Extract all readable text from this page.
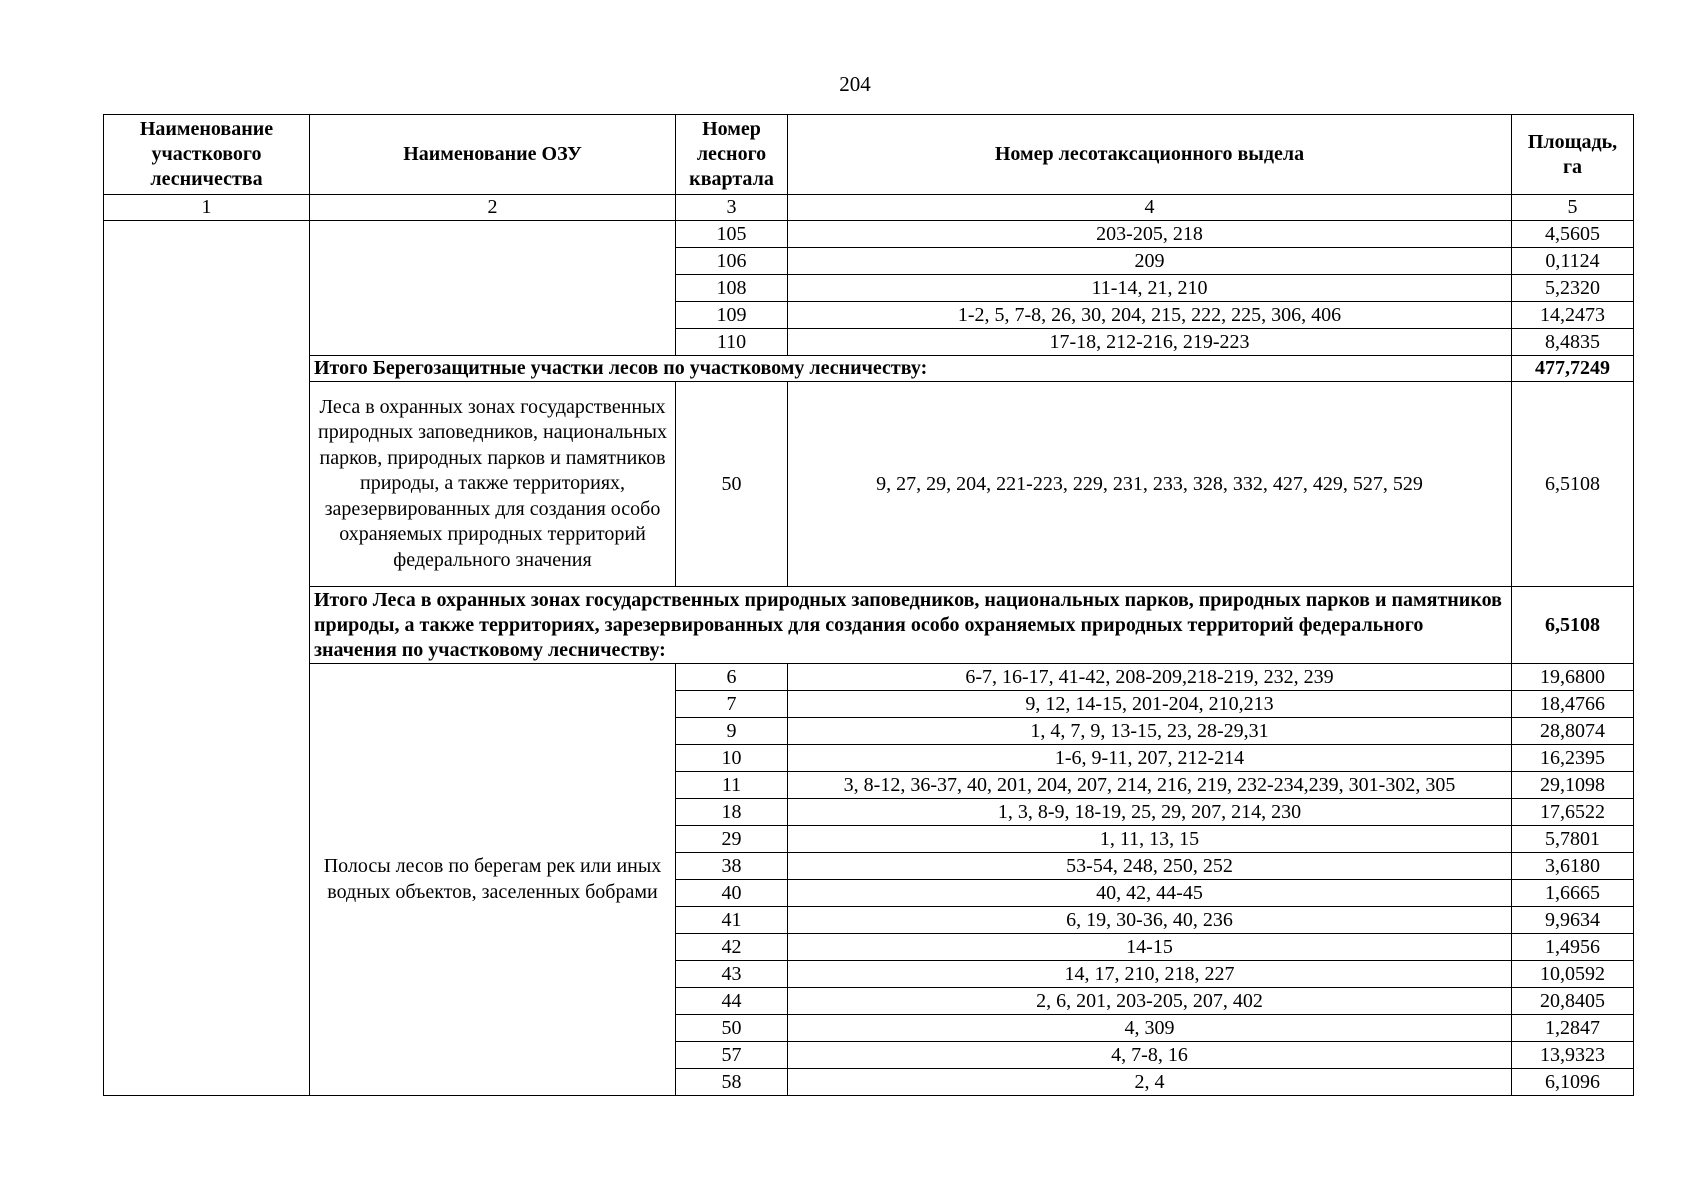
204
Наименование участкового лесничества	Наименование ОЗУ	Номер лесного квартала	Номер лесотаксационного выдела	Площадь, га
1	2	3	4	5
		105	203-205, 218	4,5605
		106	209	0,1124
		108	11-14, 21, 210	5,2320
		109	1-2, 5, 7-8, 26, 30, 204, 215, 222, 225, 306, 406	14,2473
		110	17-18, 212-216, 219-223	8,4835
	Итого Берегозащитные участки лесов по участковому лесничеству:			477,7249
	Леса в охранных зонах государственных природных заповедников, национальных парков, природных парков и памятников природы, а также территориях, зарезервированных для создания особо охраняемых природных территорий федерального значения	50	9, 27, 29, 204, 221-223, 229, 231, 233, 328, 332, 427, 429, 527, 529	6,5108
	Итого Леса в охранных зонах государственных природных заповедников, национальных парков, природных парков и памятников природы, а также территориях, зарезервированных для создания особо охраняемых природных территорий федерального значения по участковому лесничеству:			6,5108
	Полосы лесов по берегам рек или иных водных объектов, заселенных бобрами	6	6-7, 16-17, 41-42, 208-209,218-219, 232, 239	19,6800
		7	9, 12, 14-15, 201-204, 210,213	18,4766
		9	1, 4, 7, 9, 13-15, 23, 28-29,31	28,8074
		10	1-6, 9-11, 207, 212-214	16,2395
		11	3, 8-12, 36-37, 40, 201, 204, 207, 214, 216, 219, 232-234,239, 301-302, 305	29,1098
		18	1, 3, 8-9, 18-19, 25, 29, 207, 214, 230	17,6522
		29	1, 11, 13, 15	5,7801
		38	53-54, 248, 250, 252	3,6180
		40	40, 42, 44-45	1,6665
		41	6, 19, 30-36, 40, 236	9,9634
		42	14-15	1,4956
		43	14, 17, 210, 218, 227	10,0592
		44	2, 6, 201, 203-205, 207, 402	20,8405
		50	4, 309	1,2847
		57	4, 7-8, 16	13,9323
		58	2, 4	6,1096
